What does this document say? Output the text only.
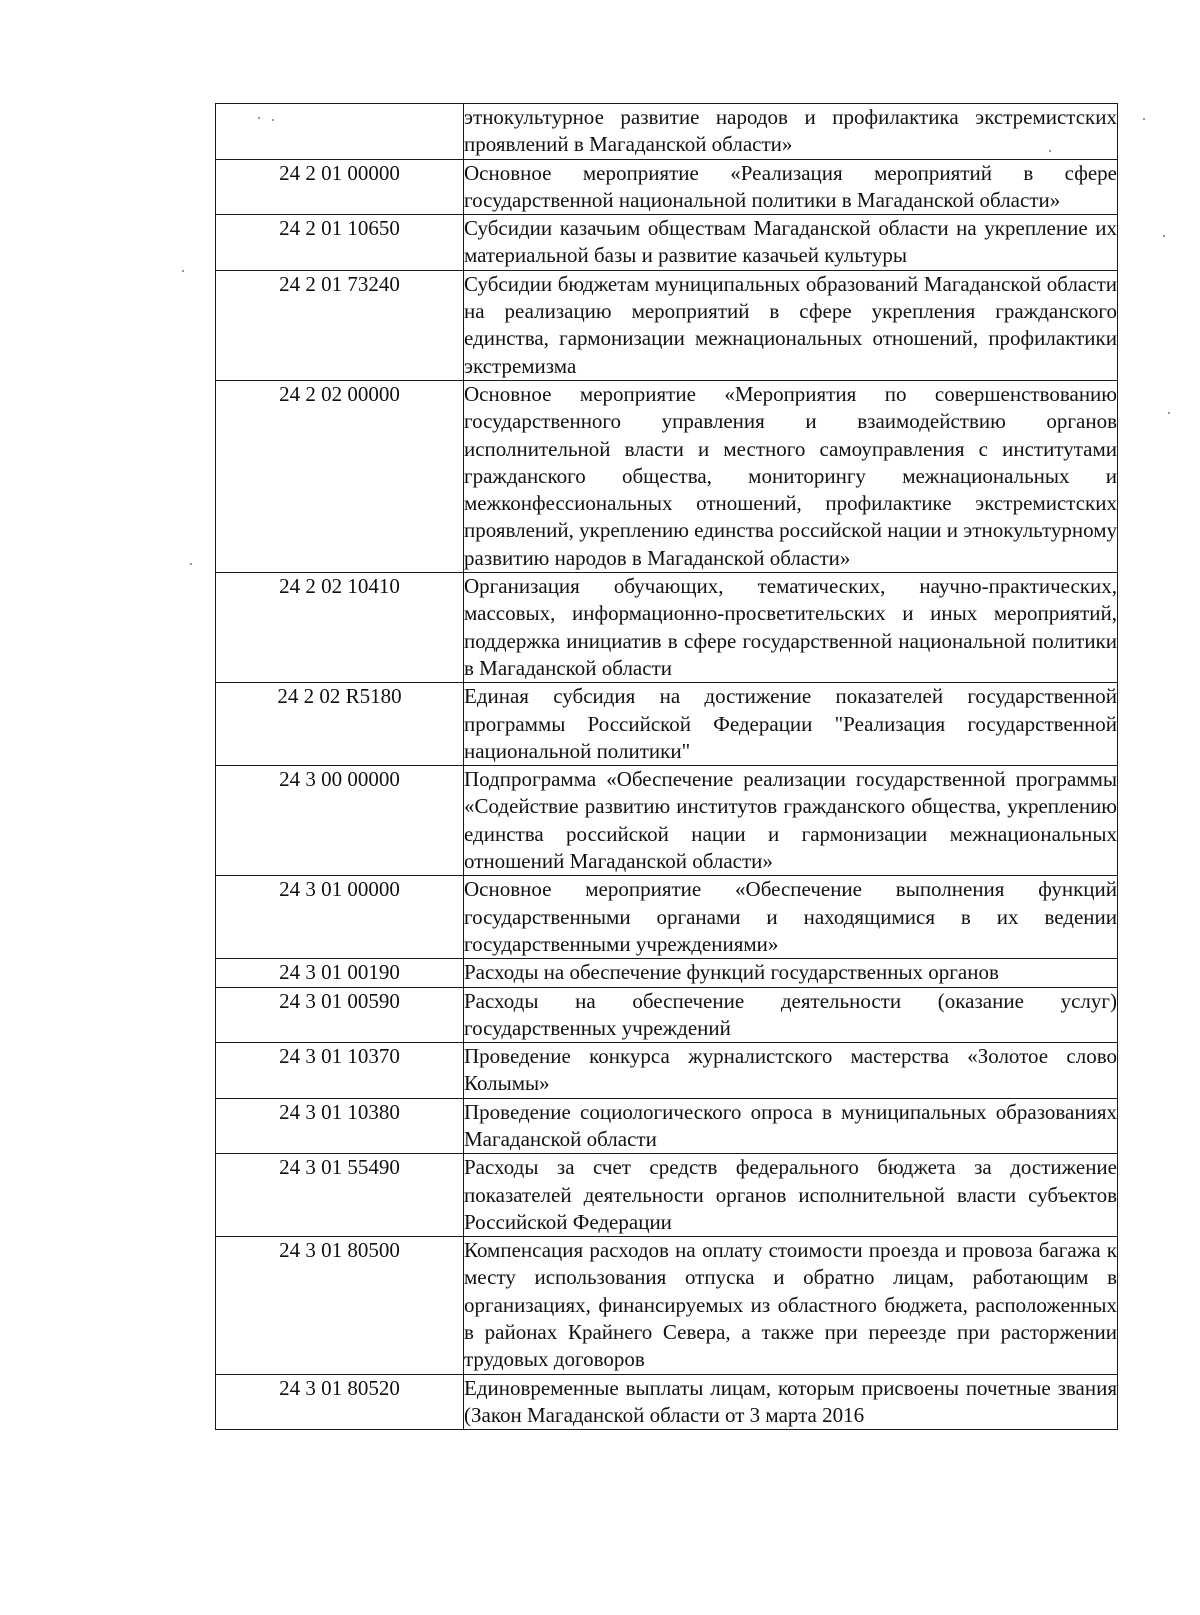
	этнокультурное развитие народов и профилактика экстремистских проявлений в Магаданской области»
24 2 01 00000	Основное мероприятие «Реализация мероприятий в сфере государственной национальной политики в Магаданской области»
24 2 01 10650	Субсидии казачьим обществам Магаданской области на укрепление их материальной базы и развитие казачьей культуры
24 2 01 73240	Субсидии бюджетам муниципальных образований Магаданской области на реализацию мероприятий в сфере укрепления гражданского единства, гармонизации межнациональных отношений, профилактики экстремизма
24 2 02 00000	Основное мероприятие «Мероприятия по совершенствованию государственного управления и взаимодействию органов исполнительной власти и местного самоуправления с институтами гражданского общества, мониторингу межнациональных и межконфессиональных отношений, профилактике экстремистских проявлений, укреплению единства российской нации и этнокультурному развитию народов в Магаданской области»
24 2 02 10410	Организация обучающих, тематических, научно-практических, массовых, информационно-просветительских и иных мероприятий, поддержка инициатив в сфере государственной национальной политики в Магаданской области
24 2 02 R5180	Единая субсидия на достижение показателей государственной программы Российской Федерации "Реализация государственной национальной политики"
24 3 00 00000	Подпрограмма «Обеспечение реализации государственной программы «Содействие развитию институтов гражданского общества, укреплению единства российской нации и гармонизации межнациональных отношений Магаданской области»
24 3 01 00000	Основное мероприятие «Обеспечение выполнения функций государственными органами и находящимися в их ведении государственными учреждениями»
24 3 01 00190	Расходы на обеспечение функций государственных органов
24 3 01 00590	Расходы на обеспечение деятельности (оказание услуг) государственных учреждений
24 3 01 10370	Проведение конкурса журналистского мастерства «Золотое слово Колымы»
24 3 01 10380	Проведение социологического опроса в муниципальных образованиях Магаданской области
24 3 01 55490	Расходы за счет средств федерального бюджета за достижение показателей деятельности органов исполнительной власти субъектов Российской Федерации
24 3 01 80500	Компенсация расходов на оплату стоимости проезда и провоза багажа к месту использования отпуска и обратно лицам, работающим в организациях, финансируемых из областного бюджета, расположенных в районах Крайнего Севера, а также при переезде при расторжении трудовых договоров
24 3 01 80520	Единовременные выплаты лицам, которым присвоены почетные звания (Закон Магаданской области от 3 марта 2016
